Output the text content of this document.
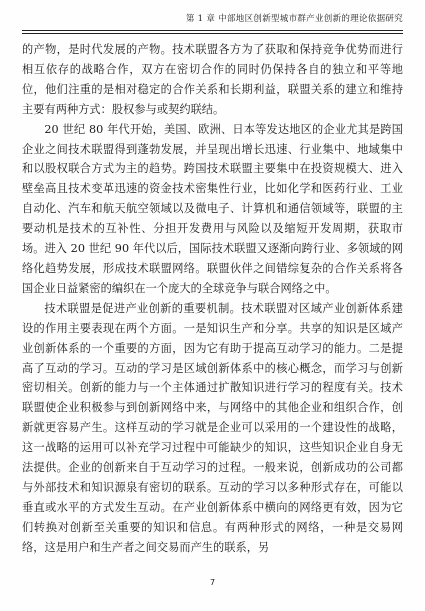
第 1 章 中部地区创新型城市群产业创新的理论依据研究

的产物，是时代发展的产物。技术联盟各方为了获取和保持竞争优势而进行相互依存的战略合作，双方在密切合作的同时仍保持各自的独立和平等地位，他们注重的是相对稳定的合作关系和长期利益，联盟关系的建立和维持主要有两种方式：股权参与或契约联结。

20 世纪 80 年代开始，美国、欧洲、日本等发达地区的企业尤其是跨国企业之间技术联盟得到蓬勃发展，并呈现出增长迅速、行业集中、地域集中和以股权联合方式为主的趋势。跨国技术联盟主要集中在投资规模大、进入壁垒高且技术变革迅速的资金技术密集性行业，比如化学和医药行业、工业自动化、汽车和航天航空领域以及微电子、计算机和通信领域等，联盟的主要动机是技术的互补性、分担开发费用与风险以及缩短开发周期，获取市场。进入 20 世纪 90 年代以后，国际技术联盟又逐渐向跨行业、多领域的网络化趋势发展，形成技术联盟网络。联盟伙伴之间错综复杂的合作关系将各国企业日益紧密的编织在一个庞大的全球竞争与联合网络之中。

技术联盟是促进产业创新的重要机制。技术联盟对区域产业创新体系建设的作用主要表现在两个方面。一是知识生产和分享。共享的知识是区域产业创新体系的一个重要的方面，因为它有助于提高互动学习的能力。二是提高了互动的学习。互动的学习是区域创新体系中的核心概念，而学习与创新密切相关。创新的能力与一个主体通过扩散知识进行学习的程度有关。技术联盟使企业积极参与到创新网络中来，与网络中的其他企业和组织合作，创新就更容易产生。这样互动的学习就是企业可以采用的一个建设性的战略，这一战略的运用可以补充学习过程中可能缺少的知识，这些知识企业自身无法提供。企业的创新来自于互动学习的过程。一般来说，创新成功的公司都与外部技术和知识源泉有密切的联系。互动的学习以多种形式存在，可能以垂直或水平的方式发生互动。在产业创新体系中横向的网络更有效，因为它们转换对创新至关重要的知识和信息。有两种形式的网络，一种是交易网络，这是用户和生产者之间交易而产生的联系，另

7
